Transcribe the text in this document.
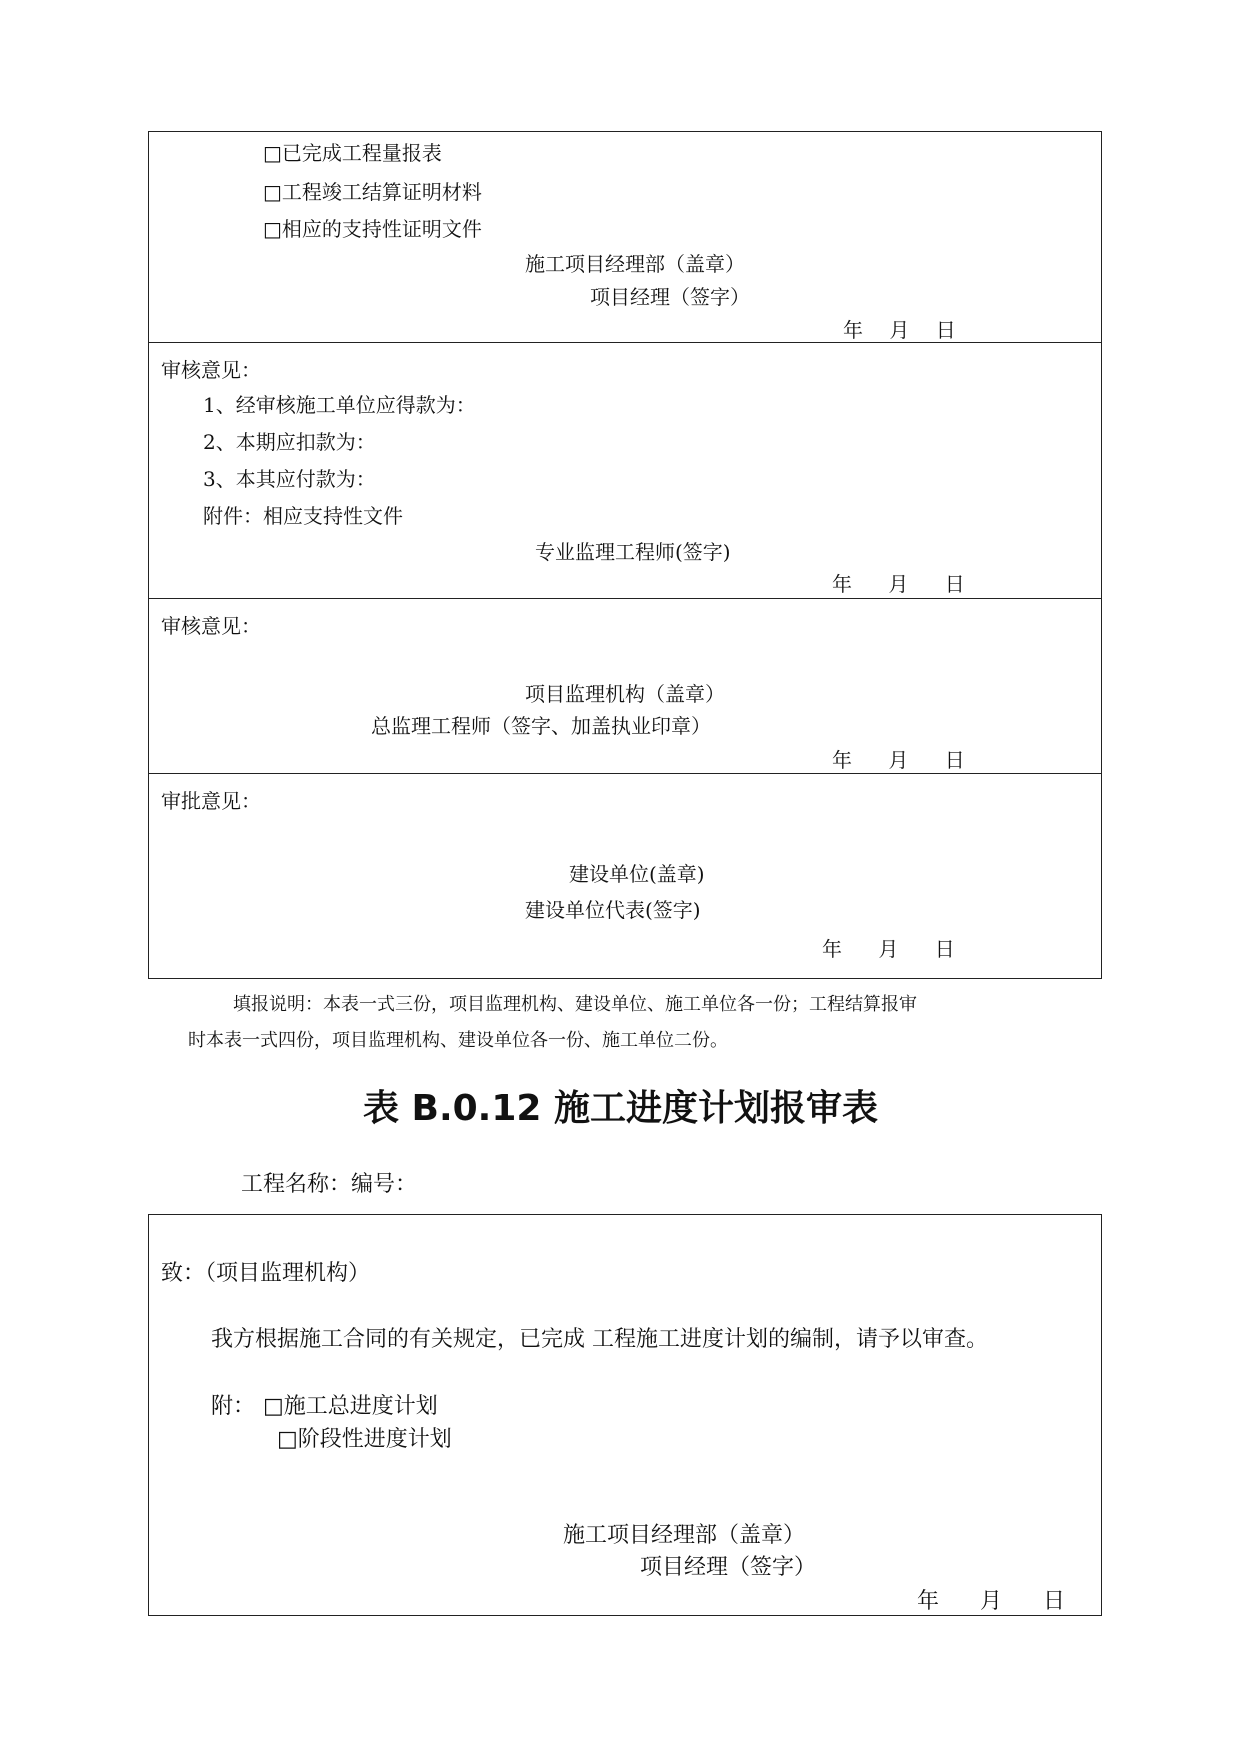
□已完成工程量报表
□工程竣工结算证明材料
□相应的支持性证明文件
施工项目经理部（盖章）
项目经理（签字）
年 月 日
审核意见：
1、经审核施工单位应得款为：
2、本期应扣款为：
3、本其应付款为：
附件：相应支持性文件
专业监理工程师(签字)
年 月 日
审核意见：
项目监理机构（盖章）
总监理工程师（签字、加盖执业印章）
年 月 日
审批意见：
建设单位(盖章)
建设单位代表(签字)
年 月 日
填报说明：本表一式三份，项目监理机构、建设单位、施工单位各一份；工程结算报审
时本表一式四份，项目监理机构、建设单位各一份、施工单位二份。
表 B.0.12 施工进度计划报审表
工程名称：编号：
致：（项目监理机构）
我方根据施工合同的有关规定，已完成 工程施工进度计划的编制，请予以审查。
附： □施工总进度计划
□阶段性进度计划
施工项目经理部（盖章）
项目经理（签字）
年 月 日
